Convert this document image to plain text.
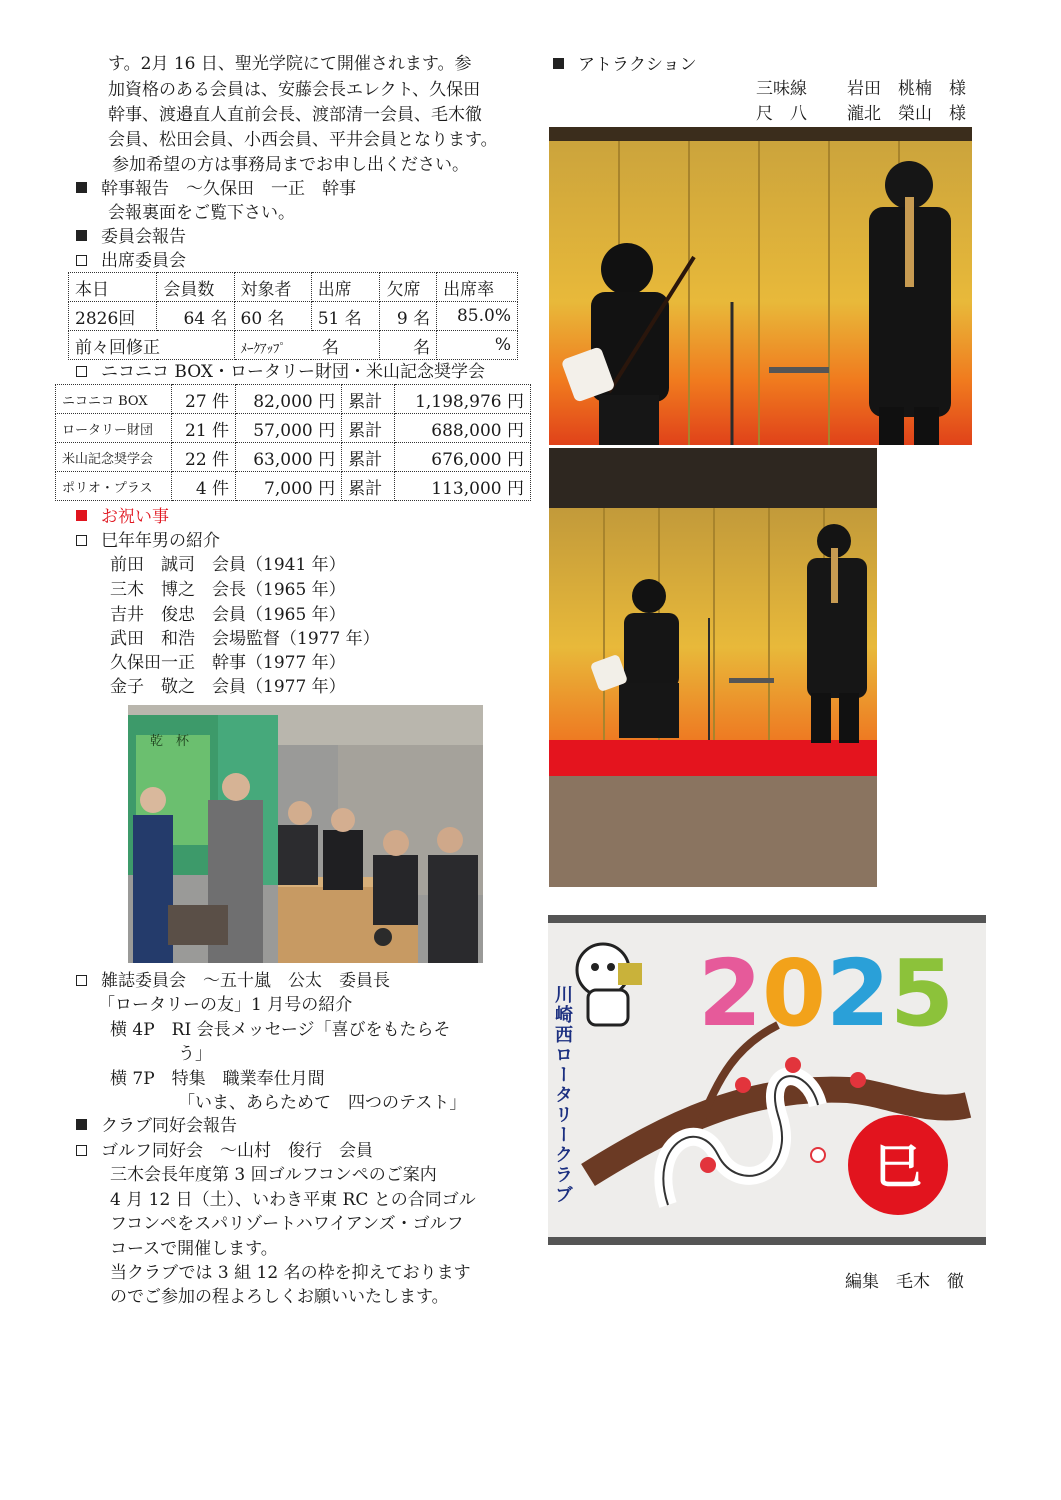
す。2月 16 日、聖光学院にて開催されます。参
加資格のある会員は、安藤会長エレクト、久保田
幹事、渡邉直人直前会長、渡部清一会員、毛木徹
会員、松田会員、小西会員、平井会員となります。
参加希望の方は事務局までお申し出ください。
幹事報告　～久保田　一正　幹事
会報裏面をご覧下さい。
委員会報告
出席委員会
本日	会員数	対象者	出席	欠席	出席率
2826回	64 名	60 名	51 名	9 名	85.0%
前々回修正		ﾒｰｸｱｯﾌﾟ 名		名	%
ニコニコ BOX・ロータリー財団・米山記念奨学会
ニコニコ BOX	27 件	82,000 円	累計	1,198,976 円
ロータリー財団	21 件	57,000 円	累計	688,000 円
米山記念奨学会	22 件	63,000 円	累計	676,000 円
ポリオ・プラス	4 件	7,000 円	累計	113,000 円
お祝い事
巳年年男の紹介
前田　誠司　会員（1941 年）
三木　博之　会長（1965 年）
吉井　俊忠　会員（1965 年）
武田　和浩　会場監督（1977 年）
久保田一正　幹事（1977 年）
金子　敬之　会員（1977 年）
乾　杯
雑誌委員会　～五十嵐　公太　委員長
「ロータリーの友」1 月号の紹介
横 4P　RI 会長メッセージ「喜びをもたらそ
う」
横 7P　特集　職業奉仕月間
「いま、あらためて　四つのテスト」
クラブ同好会報告
ゴルフ同好会　～山村　俊行　会員
三木会長年度第 3 回ゴルフコンペのご案内
4 月 12 日（土）、いわき平東 RC との合同ゴル
フコンペをスパリゾートハワイアンズ・ゴルフ
コースで開催します。
当クラブでは 3 組 12 名の枠を抑えております
のでご参加の程よろしくお願いいたします。
アトラクション
三味線 岩田　桃楠　様
尺　八 瀧北　榮山　様
2025
巳
川崎西ロータリークラブ
編集　毛木　徹
